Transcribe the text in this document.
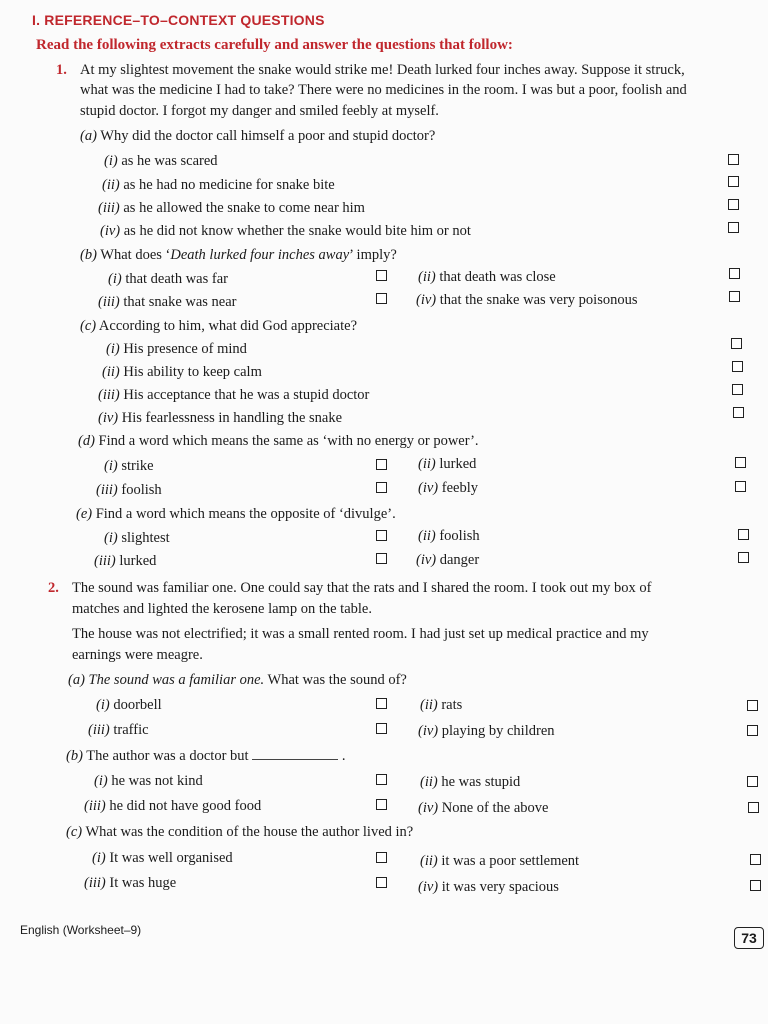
I. REFERENCE–TO–CONTEXT QUESTIONS
Read the following extracts carefully and answer the questions that follow:
1. At my slightest movement the snake would strike me! Death lurked four inches away. Suppose it struck,
what was the medicine I had to take? There were no medicines in the room. I was but a poor, foolish and
stupid doctor. I forgot my danger and smiled feebly at myself.
(a) Why did the doctor call himself a poor and stupid doctor?
(i) as he was scared
(ii) as he had no medicine for snake bite
(iii) as he allowed the snake to come near him
(iv) as he did not know whether the snake would bite him or not
(b) What does ‘Death lurked four inches away’ imply?
(i) that death was far	(ii) that death was close
(iii) that snake was near	(iv) that the snake was very poisonous
(c) According to him, what did God appreciate?
(i) His presence of mind
(ii) His ability to keep calm
(iii) His acceptance that he was a stupid doctor
(iv) His fearlessness in handling the snake
(d) Find a word which means the same as ‘with no energy or power’.
(i) strike	(ii) lurked
(iii) foolish	(iv) feebly
(e) Find a word which means the opposite of ‘divulge’.
(i) slightest	(ii) foolish
(iii) lurked	(iv) danger
2. The sound was familiar one. One could say that the rats and I shared the room. I took out my box of
matches and lighted the kerosene lamp on the table.
The house was not electrified; it was a small rented room. I had just set up medical practice and my
earnings were meagre.
(a) The sound was a familiar one. What was the sound of?
(i) doorbell	(ii) rats
(iii) traffic	(iv) playing by children
(b) The author was a doctor but	.
(i) he was not kind	(ii) he was stupid
(iii) he did not have good food	(iv) None of the above
(c) What was the condition of the house the author lived in?
(i) It was well organised	(ii) it was a poor settlement
(iii) It was huge	(iv) it was very spacious
English (Worksheet–9)	73
